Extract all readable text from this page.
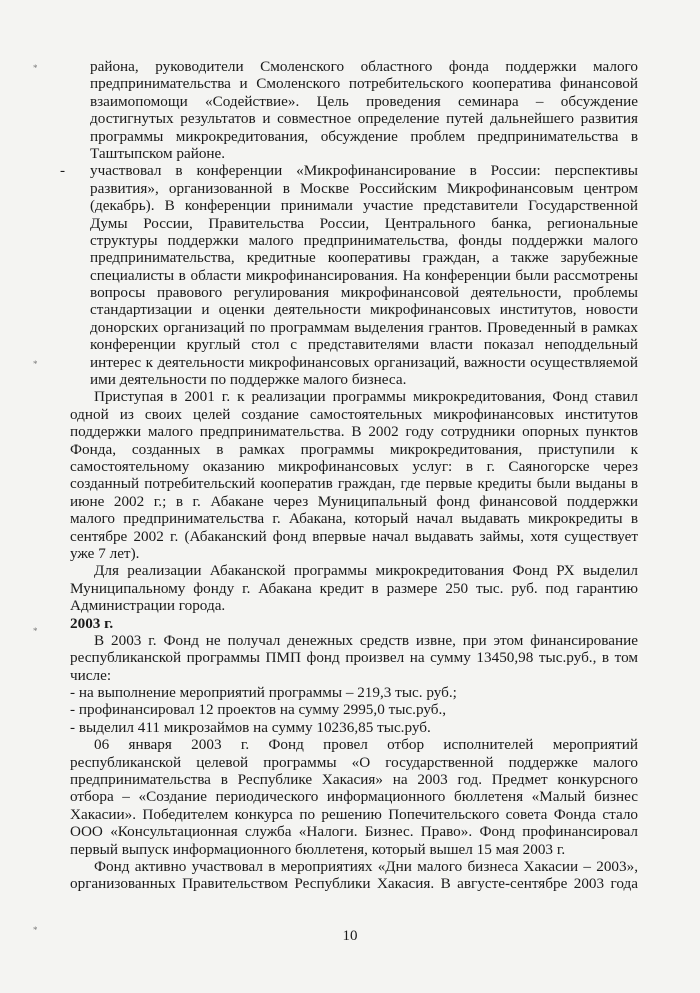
района, руководители Смоленского областного фонда поддержки малого
предпринимательства и Смоленского потребительского кооператива финансовой
взаимопомощи «Содействие». Цель проведения семинара – обсуждение
достигнутых результатов и совместное определение путей дальнейшего развития
программы микрокредитования, обсуждение проблем предпринимательства в
Таштыпском районе.
- участвовал в конференции «Микрофинансирование в России: перспективы
развития», организованной в Москве Российским Микрофинансовым центром
(декабрь). В конференции принимали участие представители Государственной
Думы России, Правительства России, Центрального банка, региональные
структуры поддержки малого предпринимательства, фонды поддержки малого
предпринимательства, кредитные кооперативы граждан, а также зарубежные
специалисты в области микрофинансирования. На конференции были рассмотрены
вопросы правового регулирования микрофинансовой деятельности, проблемы
стандартизации и оценки деятельности микрофинансовых институтов, новости
донорских организаций по программам выделения грантов. Проведенный в рамках
конференции круглый стол с представителями власти показал неподдельный
интерес к деятельности микрофинансовых организаций, важности осуществляемой
ими деятельности по поддержке малого бизнеса.
Приступая в 2001 г. к реализации программы микрокредитования, Фонд ставил
одной из своих целей создание самостоятельных микрофинансовых институтов
поддержки малого предпринимательства. В 2002 году сотрудники опорных пунктов
Фонда, созданных в рамках программы микрокредитования, приступили к
самостоятельному оказанию микрофинансовых услуг: в г. Саяногорске через
созданный потребительский кооператив граждан, где первые кредиты были выданы в
июне 2002 г.; в г. Абакане через Муниципальный фонд финансовой поддержки
малого предпринимательства г. Абакана, который начал выдавать микрокредиты в
сентябре 2002 г. (Абаканский фонд впервые начал выдавать займы, хотя существует
уже 7 лет).
Для реализации Абаканской программы микрокредитования Фонд РХ выделил
Муниципальному фонду г. Абакана кредит в размере 250 тыс. руб. под гарантию
Администрации города.
2003 г.
В 2003 г. Фонд не получал денежных средств извне, при этом финансирование
республиканской программы ПМП фонд произвел на сумму 13450,98 тыс.руб., в том
числе:
- на выполнение мероприятий программы – 219,3 тыс. руб.;
- профинансировал 12 проектов на сумму 2995,0 тыс.руб.,
- выделил 411 микрозаймов на сумму 10236,85 тыс.руб.
06 января 2003 г. Фонд провел отбор исполнителей мероприятий
республиканской целевой программы «О государственной поддержке малого
предпринимательства в Республике Хакасия» на 2003 год. Предмет конкурсного
отбора – «Создание периодического информационного бюллетеня «Малый бизнес
Хакасии». Победителем конкурса по решению Попечительского совета Фонда стало
ООО «Консультационная служба «Налоги. Бизнес. Право». Фонд профинансировал
первый выпуск информационного бюллетеня, который вышел 15 мая 2003 г.
Фонд активно участвовал в мероприятиях «Дни малого бизнеса Хакасии – 2003»,
организованных Правительством Республики Хакасия. В августе-сентябре 2003 года
10
*
*
*
*
